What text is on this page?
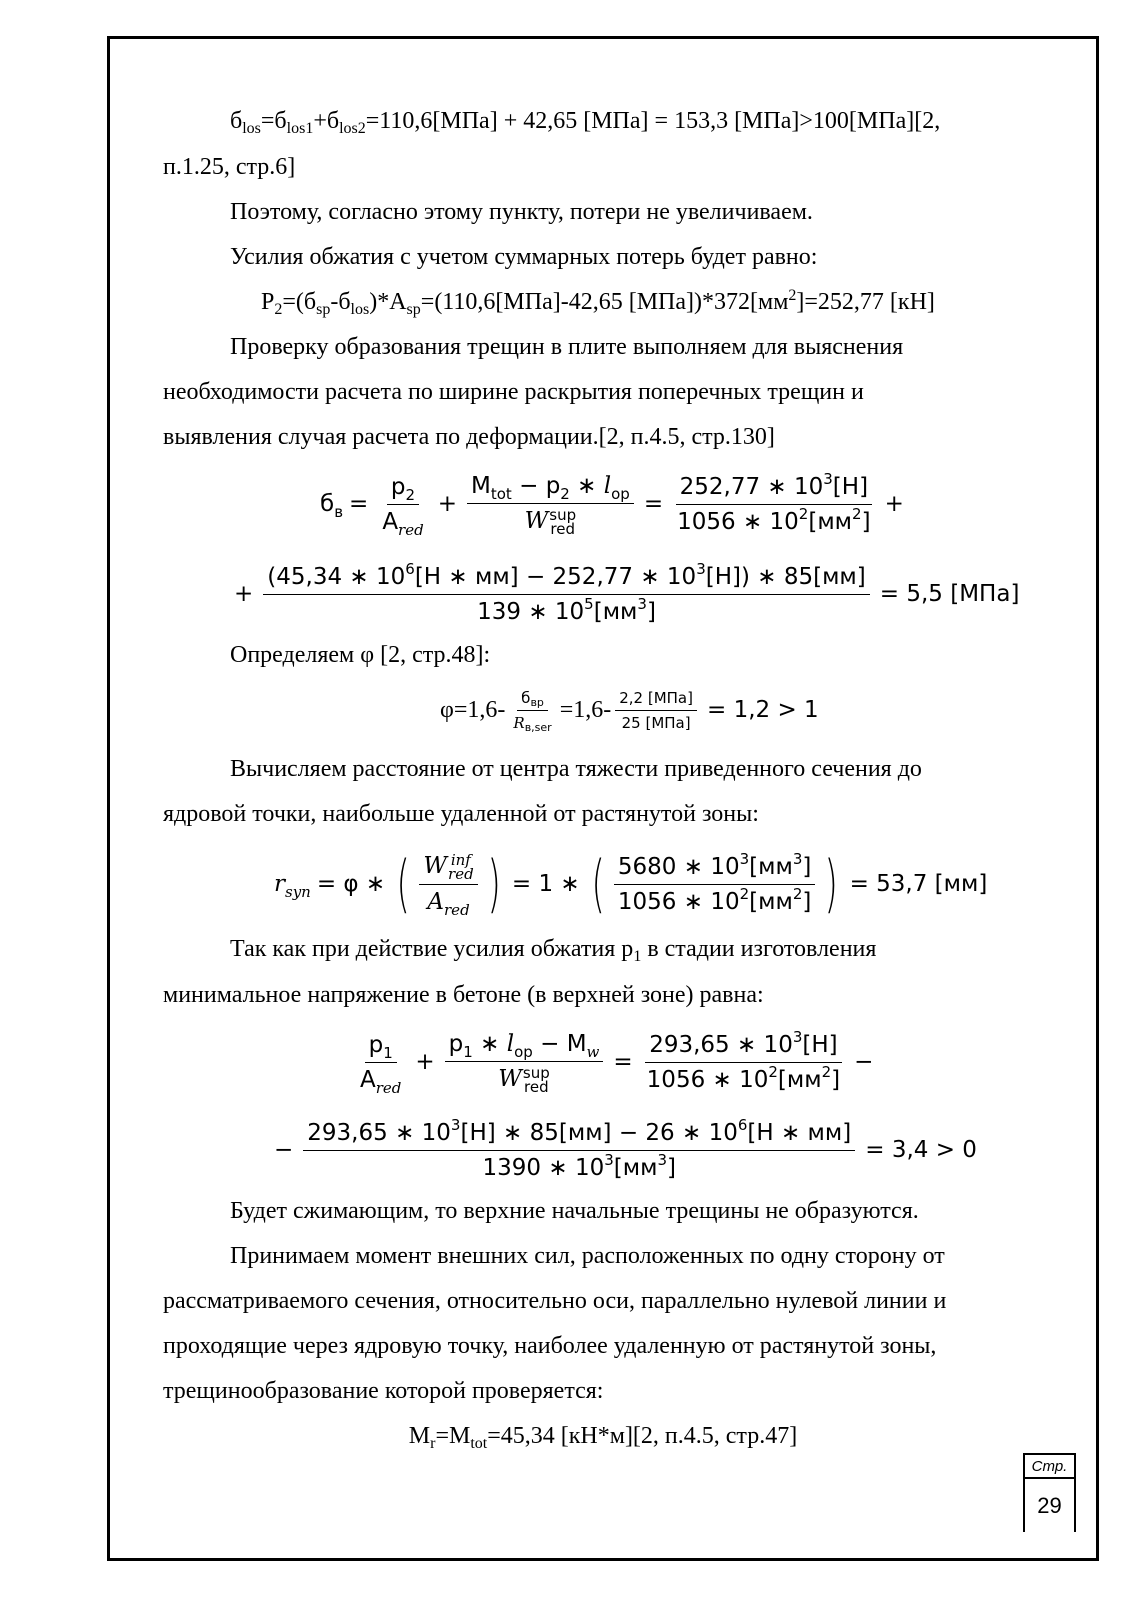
$б_{los}=б_{los1}+б_{los2}=110,6[МПа] + 42,65$ [МПа] = 153,3 [МПа]>100[МПа][2,
п.1.25, стр.6]
Поэтому, согласно этому пункту, потери не увеличиваем.
Усилия обжатия с учетом суммарных потерь будет равно:
$P_2=(б_{sp}-б_{los})*A_{sp}=(110,6[МПа]-42,65$ $[МПа])*372[мм^2]=252,77$ [кН]
Проверку образования трещин в плите выполняем для выяснения
необходимости расчета по ширине раскрытия поперечных трещин и
выявления случая расчета по деформации.[2, п.4.5, стр.130]
$б_в = \frac{p_2}{A_{red}} + M_{tot} - p_2$ ∗ $l_{op}$
W sup
red = $\frac{252,77 ∗ 10^3[Н]}{1056 ∗ 10^2[мм^2]}$ +
+ $\frac{(45,34 ∗ 10^6[Н ∗ мм] - 252,77 ∗ 10^3[Н]) ∗ 85[мм]}{139 ∗ 10^5[мм^3]} = 5,5$ [МПа]
Определяем φ [2, стр.48]:
$\varphi=1,6- \frac{б_{вр}}{R_{в,ser}} =1,6- \frac{\text{2,2 [МПа]}}{\text{25 [МПа]}} = 1,2 > 1$
Вычисляем расстояние от центра тяжести приведенного сечения до
ядровой точки, наибольше удаленной от растянутой зоны:
$r_{syn} = \varphi$ ∗ ( W inf
red
$A_{red}$ ) = 1 ∗ ( $\frac{5680 ∗ 10^3[мм^3]}{1056 ∗ 10^2[мм^2]}$ ) = 53,7 [мм]
Так как при действие усилия обжатия $p_1$ в стадии изготовления
минимальное напряжение в бетоне (в верхней зоне) равна:
$\frac{p_1}{A_{red}} + p_1$ ∗ $l_{op} - M_w$
W sup
red = $\frac{293,65 ∗ 10^3[Н]}{1056 ∗ 10^2[мм^2]}$ −
− $\frac{293,65 ∗ 10^3[Н] ∗ 85[мм] - 26 ∗ 10^6[Н ∗ мм]}{1390 ∗ 10^3[мм^3]} = 3,4 > 0$
Будет сжимающим, то верхние начальные трещины не образуются.
Принимаем момент внешних сил, расположенных по одну сторону от
рассматриваемого сечения, относительно оси, параллельно нулевой линии и
проходящие через ядровую точку, наиболее удаленную от растянутой зоны,
трещинообразование которой проверяется:
$M_r=M_{tot}=45,34$ [кН*м][2, п.4.5, стр.47]
Стр.
29
